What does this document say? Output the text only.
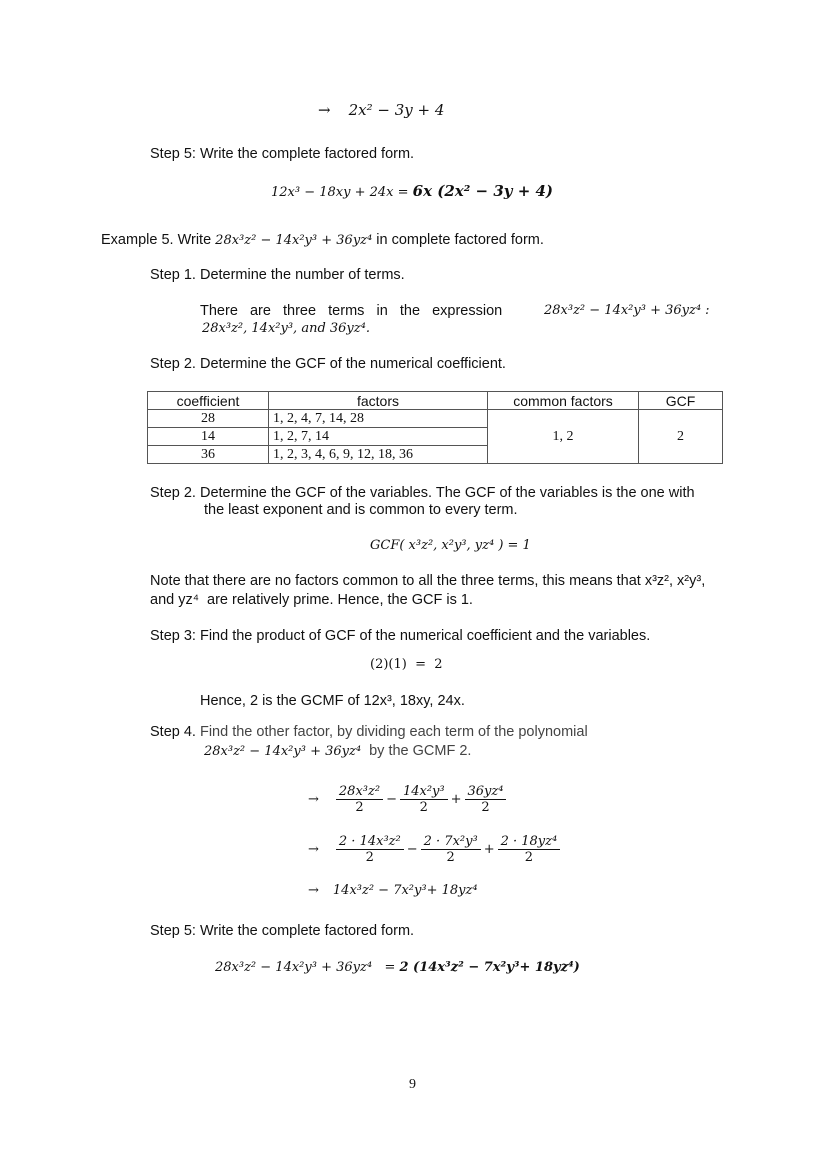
→ 2x² − 3y + 4
Step 5: Write the complete factored form.
12x³ − 18xy + 24x = 6x (2x² − 3y + 4)
Example 5. Write 28x³z² − 14x²y³ + 36yz⁴ in complete factored form.
Step 1. Determine the number of terms.
There   are   three   terms   in   the   expression	28x³z² − 14x²y³ + 36yz⁴ :
28x³z², 14x²y³, and 36yz⁴.
Step 2. Determine the GCF of the numerical coefficient.
coefficient	factors	common factors	GCF
28	1, 2, 4, 7, 14, 28	1, 2	2
14	1, 2, 7, 14		
36	1, 2, 3, 4, 6, 9, 12, 18, 36		
Step 2. Determine the GCF of the variables. The GCF of the variables is the one with
the least exponent and is common to every term.
GCF( x³z², x²y³, yz⁴ ) = 1
Note that there are no factors common to all the three terms, this means that x³z², x²y³,
and yz⁴  are relatively prime. Hence, the GCF is 1.
Step 3: Find the product of GCF of the numerical coefficient and the variables.
(2)(1)  =  2
Hence, 2 is the GCMF of 12x³, 18xy, 24x.
Step 4. Find the other factor, by dividing each term of the polynomial
28x³z² − 14x²y³ + 36yz⁴  by the GCMF 2.
→ $\frac{\text{28x³z²}}{2} - \frac{\text{14x²y³}}{2} + \frac{\text{36yz⁴}}{2}$
→ $\frac{\text{2 · 14x³z²}}{2} - \frac{\text{2 · 7x²y³}}{2} + \frac{\text{2 · 18yz⁴}}{2}$
→ 14x³z² − 7x²y³+ 18yz⁴
Step 5: Write the complete factored form.
28x³z² − 14x²y³ + 36yz⁴   = 2 (14x³z² − 7x²y³+ 18yz⁴)
9
